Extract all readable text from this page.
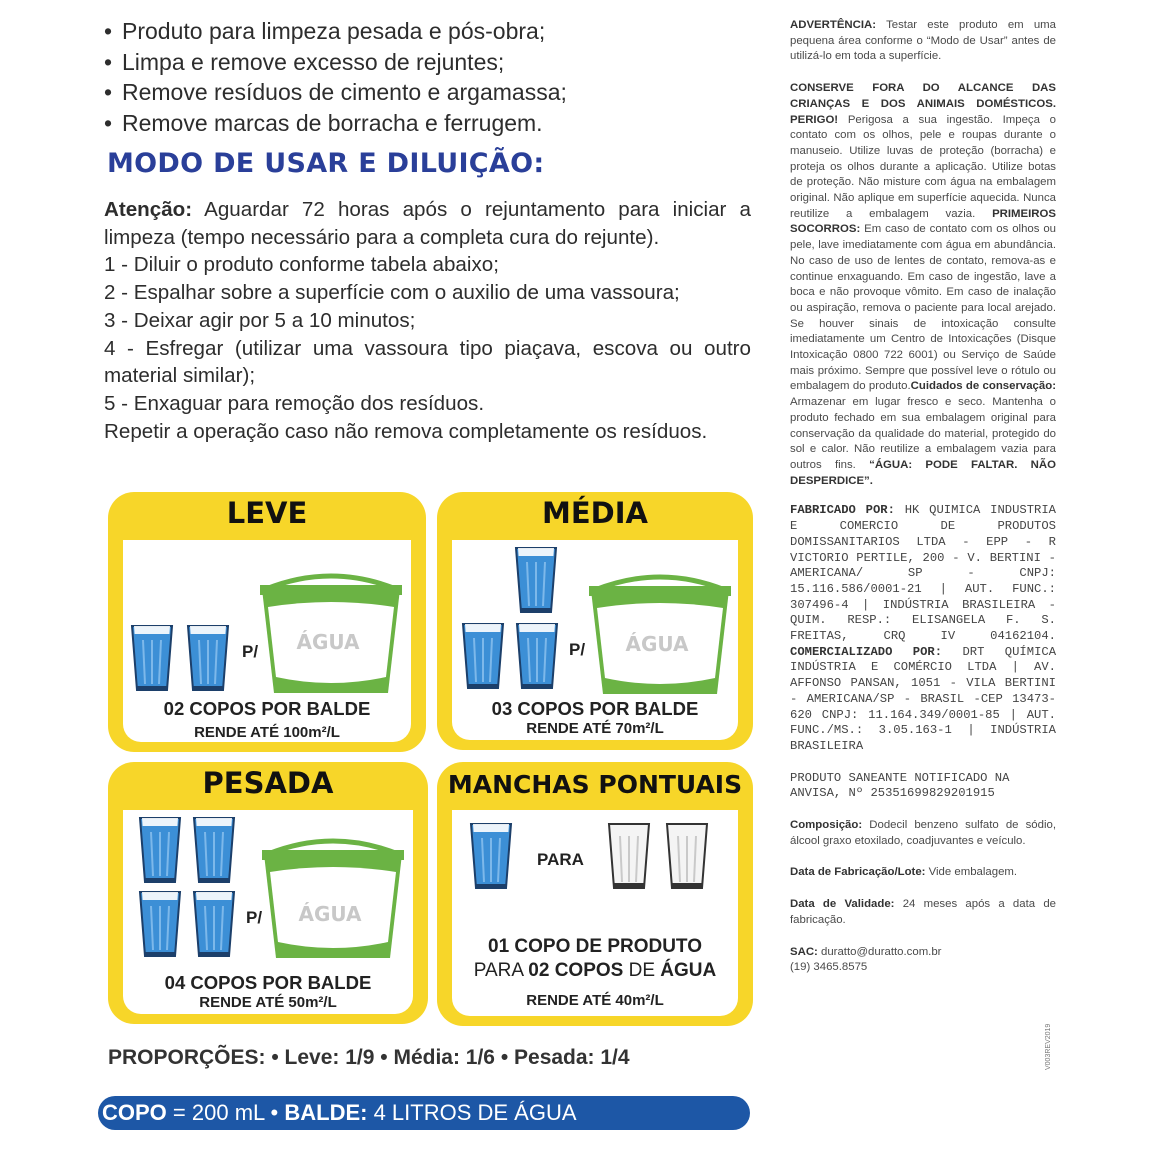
• Produto para limpeza pesada e pós-obra;
• Limpa e remove excesso de rejuntes;
• Remove resíduos de cimento e argamassa;
• Remove marcas de borracha e ferrugem.
MODO DE USAR E DILUIÇÃO:

Atenção: Aguardar 72 horas após o rejuntamento para iniciar a limpeza (tempo necessário para a completa cura do rejunte).

1 - Diluir o produto conforme tabela abaixo;

2 - Espalhar sobre a superfície com o auxilio de uma vassoura;

3 - Deixar agir por 5 a 10 minutos;

4 - Esfregar (utilizar uma vassoura tipo piaçava, escova ou outro material similar);

5 - Enxaguar para remoção dos resíduos.

Repetir a operação caso não remova completamente os resíduos.

LEVE
P/	ÁGUA
02 COPOS POR BALDE
RENDE ATÉ 100m²/L
MÉDIA
P/	ÁGUA
03 COPOS POR BALDE
RENDE ATÉ 70m²/L
PESADA
P/	ÁGUA
04 COPOS POR BALDE
RENDE ATÉ 50m²/L
MANCHAS PONTUAIS
PARA
01 COPO DE PRODUTO
PARA 02 COPOS DE ÁGUA
RENDE ATÉ 40m²/L
PROPORÇÕES: • Leve: 1/9 • Média: 1/6 • Pesada: 1/4
COPO = 200 mL • BALDE: 4 LITROS DE ÁGUA

ADVERTÊNCIA: Testar este produto em uma pequena área conforme o “Modo de Usar” antes de utilizá-lo em toda a superfície.

CONSERVE FORA DO ALCANCE DAS CRIANÇAS E DOS ANIMAIS DOMÉSTICOS. PERIGO! Perigosa a sua ingestão. Impeça o contato com os olhos, pele e roupas durante o manuseio. Utilize luvas de proteção (borracha) e proteja os olhos durante a aplicação. Utilize botas de proteção. Não misture com água na embalagem original. Não aplique em superfície aquecida. Nunca reutilize a embalagem vazia. PRIMEIROS SOCORROS: Em caso de contato com os olhos ou pele, lave imediatamente com água em abundância. No caso de uso de lentes de contato, remova-as e continue enxaguando. Em caso de ingestão, lave a boca e não provoque vômito. Em caso de inalação ou aspiração, remova o paciente para local arejado. Se houver sinais de intoxicação consulte imediatamente um Centro de Intoxicações (Disque Intoxicação 0800 722 6001) ou Serviço de Saúde mais próximo. Sempre que possível leve o rótulo ou embalagem do produto.Cuidados de conservação: Armazenar em lugar fresco e seco. Mantenha o produto fechado em sua embalagem original para conservação da qualidade do material, protegido do sol e calor. Não reutilize a embalagem vazia para outros fins. “ÁGUA: PODE FALTAR. NÃO DESPERDICE”.

FABRICADO POR: HK QUIMICA INDUSTRIA E COMERCIO DE PRODUTOS DOMISSANITARIOS LTDA - EPP - R VICTORIO PERTILE, 200 - V. BERTINI - AMERICANA/ SP - CNPJ: 15.116.586/0001-21 | AUT. FUNC.: 307496-4 | INDÚSTRIA BRASILEIRA - QUIM. RESP.: ELISANGELA F. S. FREITAS, CRQ IV 04162104. COMERCIALIZADO POR: DRT QUÍMICA INDÚSTRIA E COMÉRCIO LTDA | AV. AFFONSO PANSAN, 1051 - VILA BERTINI - AMERICANA/SP - BRASIL -CEP 13473-620 CNPJ: 11.164.349/0001-85 | AUT. FUNC./MS.: 3.05.163-1 | INDÚSTRIA BRASILEIRA

PRODUTO SANEANTE NOTIFICADO NA ANVISA, Nº 25351699829201915

Composição: Dodecil benzeno sulfato de sódio, álcool graxo etoxilado, coadjuvantes e veículo.

Data de Fabricação/Lote: Vide embalagem.

Data de Validade: 24 meses após a data de fabricação.

SAC: duratto@duratto.com.br
(19) 3465.8575

V003REV2019
